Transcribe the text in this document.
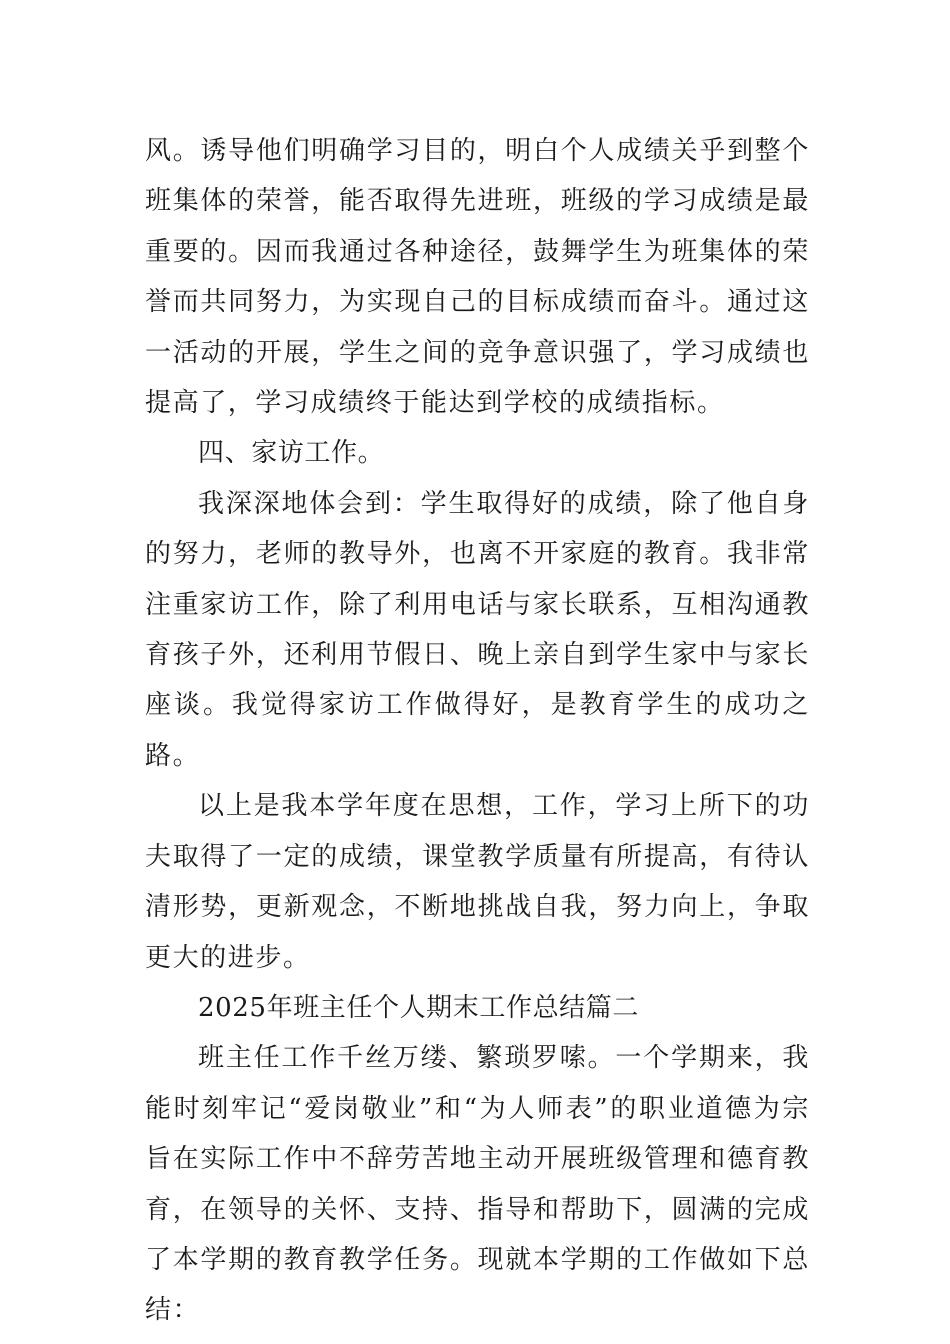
风。诱导他们明确学习目的，明白个人成绩关乎到整个班集体的荣誉，能否取得先进班，班级的学习成绩是最重要的。因而我通过各种途径，鼓舞学生为班集体的荣誉而共同努力，为实现自己的目标成绩而奋斗。通过这一活动的开展，学生之间的竞争意识强了，学习成绩也提高了，学习成绩终于能达到学校的成绩指标。

四、家访工作。

我深深地体会到：学生取得好的成绩，除了他自身的努力，老师的教导外，也离不开家庭的教育。我非常注重家访工作，除了利用电话与家长联系，互相沟通教育孩子外，还利用节假日、晚上亲自到学生家中与家长座谈。我觉得家访工作做得好，是教育学生的成功之路。

以上是我本学年度在思想，工作，学习上所下的功夫取得了一定的成绩，课堂教学质量有所提高，有待认清形势，更新观念，不断地挑战自我，努力向上，争取更大的进步。

2025年班主任个人期末工作总结篇二

班主任工作千丝万缕、繁琐罗嗦。一个学期来，我能时刻牢记“爱岗敬业”和“为人师表”的职业道德为宗旨在实际工作中不辞劳苦地主动开展班级管理和德育教育，在领导的关怀、支持、指导和帮助下，圆满的完成了本学期的教育教学任务。现就本学期的工作做如下总结：
